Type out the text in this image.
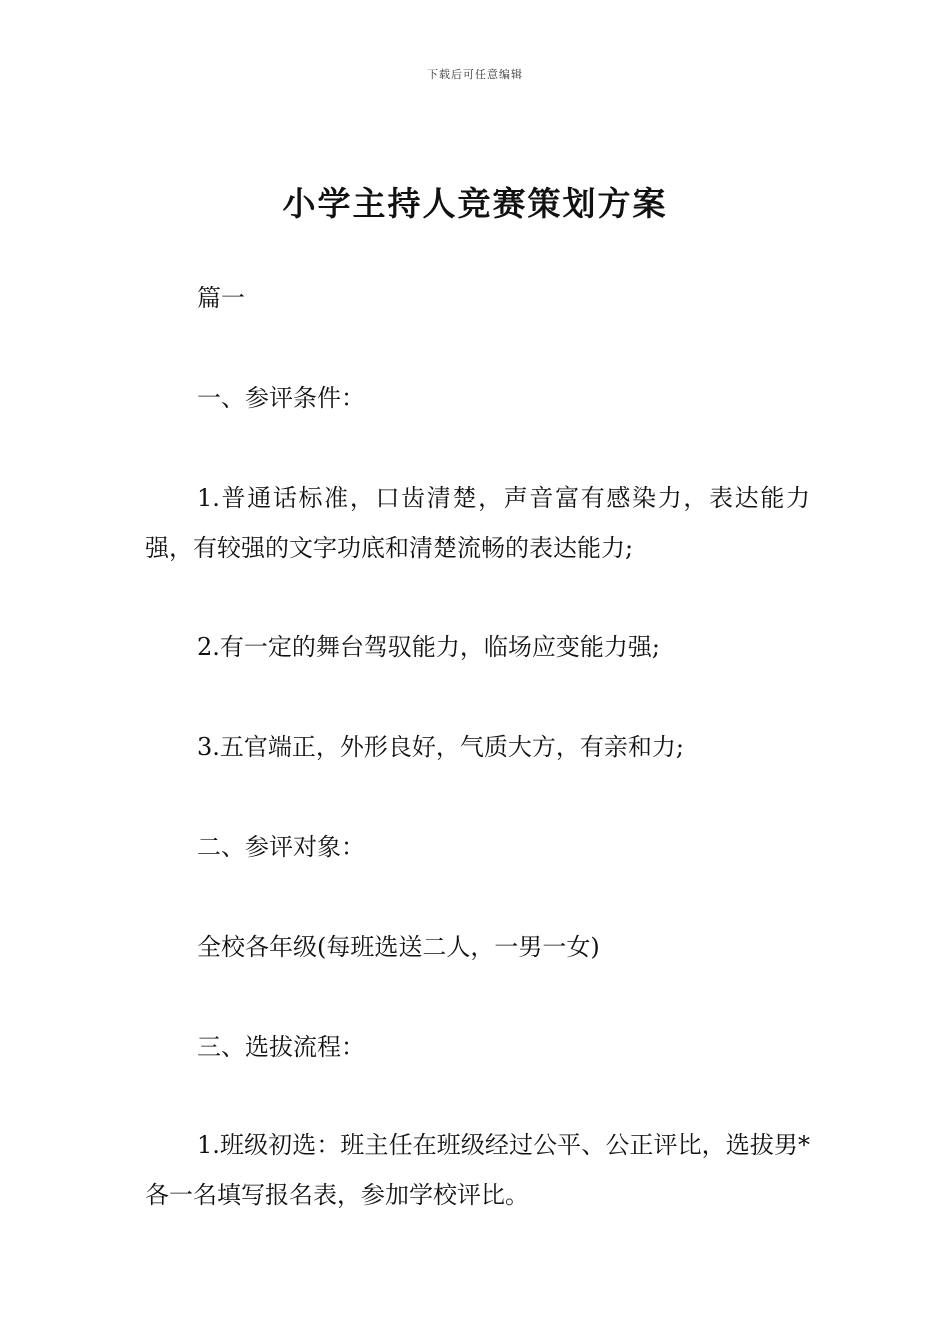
下载后可任意编辑
小学主持人竞赛策划方案

篇一

一、参评条件：

1.普通话标准，口齿清楚，声音富有感染力，表达能力强，有较强的文字功底和清楚流畅的表达能力;

2.有一定的舞台驾驭能力，临场应变能力强;

3.五官端正，外形良好，气质大方，有亲和力;

二、参评对象：

全校各年级(每班选送二人，一男一女)

三、选拔流程：

1.班级初选：班主任在班级经过公平、公正评比，选拔男*各一名填写报名表，参加学校评比。
